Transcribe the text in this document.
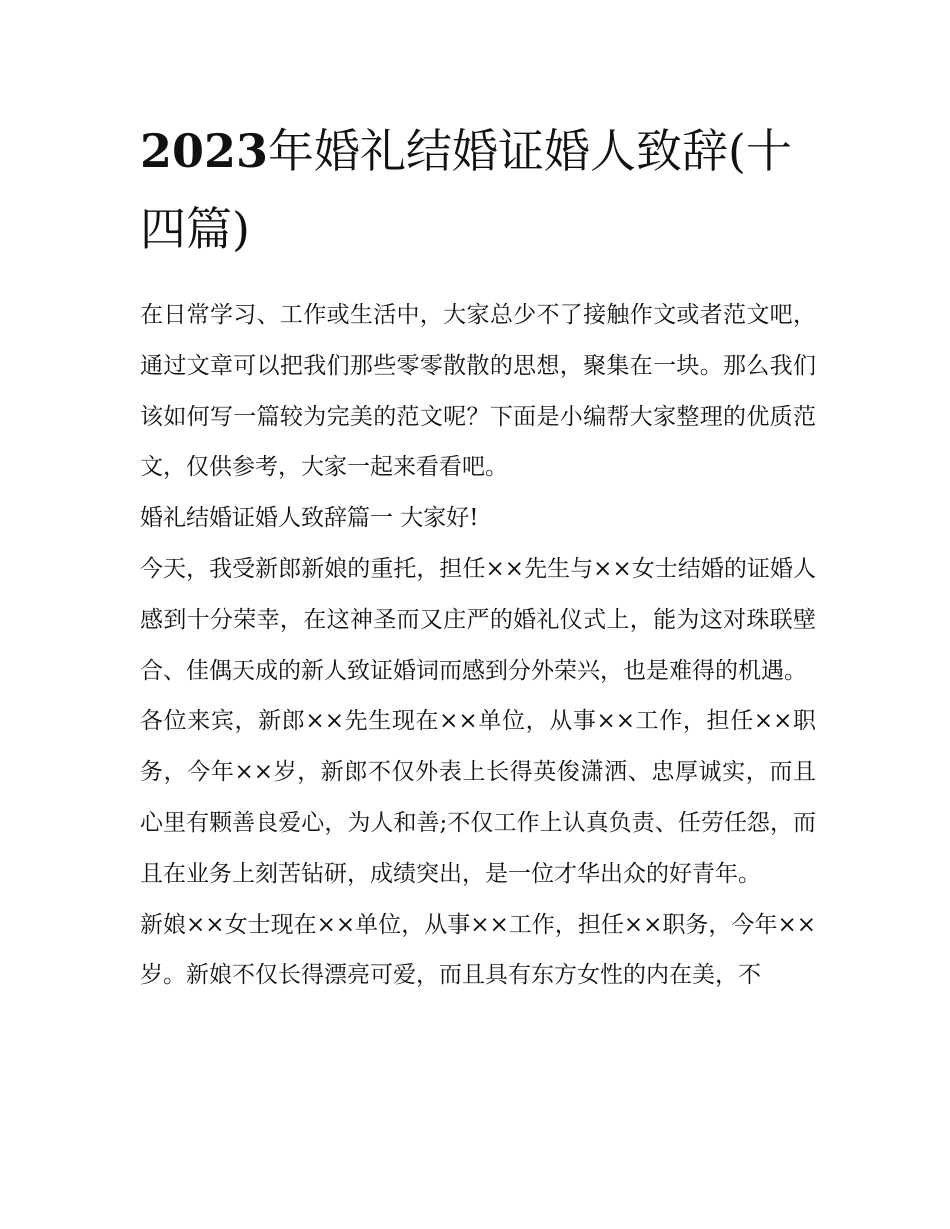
2023年婚礼结婚证婚人致辞(十四篇)

在日常学习、工作或生活中，大家总少不了接触作文或者范文吧，通过文章可以把我们那些零零散散的思想，聚集在一块。那么我们该如何写一篇较为完美的范文呢？下面是小编帮大家整理的优质范文，仅供参考，大家一起来看看吧。

婚礼结婚证婚人致辞篇一 大家好!

今天，我受新郎新娘的重托，担任××先生与××女士结婚的证婚人感到十分荣幸，在这神圣而又庄严的婚礼仪式上，能为这对珠联壁合、佳偶天成的新人致证婚词而感到分外荣兴，也是难得的机遇。

各位来宾，新郎××先生现在××单位，从事××工作，担任××职务，今年××岁，新郎不仅外表上长得英俊潇洒、忠厚诚实，而且心里有颗善良爱心，为人和善;不仅工作上认真负责、任劳任怨，而且在业务上刻苦钻研，成绩突出，是一位才华出众的好青年。

新娘××女士现在××单位，从事××工作，担任××职务，今年××岁。新娘不仅长得漂亮可爱，而且具有东方女性的内在美，不
